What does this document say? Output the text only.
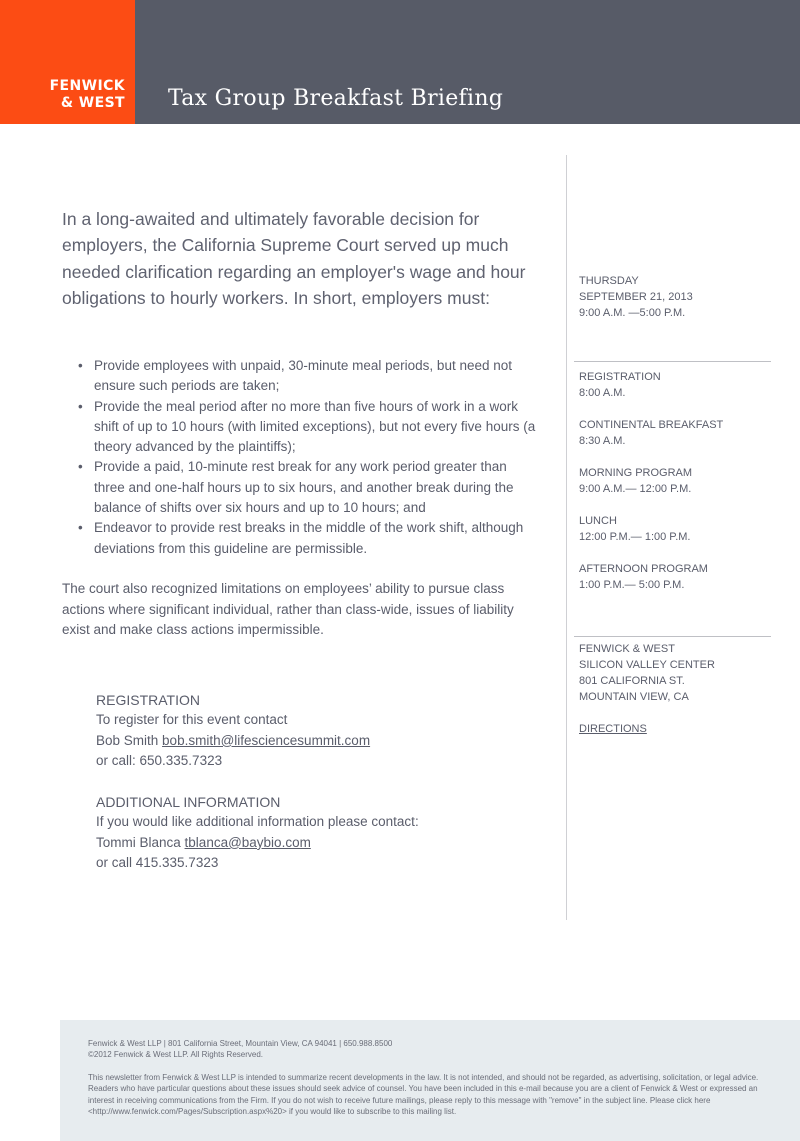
FENWICK
& WEST Tax Group Breakfast Briefing

In a long-awaited and ultimately favorable decision for employers, the California Supreme Court served up much needed clarification regarding an employer's wage and hour obligations to hourly workers. In short, employers must:

• Provide employees with unpaid, 30-minute meal periods, but need not ensure such periods are taken;
• Provide the meal period after no more than five hours of work in a work shift of up to 10 hours (with limited exceptions), but not every five hours (a theory advanced by the plaintiffs);
• Provide a paid, 10-minute rest break for any work period greater than three and one-half hours up to six hours, and another break during the balance of shifts over six hours and up to 10 hours; and
• Endeavor to provide rest breaks in the middle of the work shift, although deviations from this guideline are permissible.

The court also recognized limitations on employees’ ability to pursue class actions where significant individual, rather than class-wide, issues of liability exist and make class actions impermissible.

REGISTRATION
To register for this event contact
Bob Smith bob.smith@lifesciencesummit.com
or call: 650.335.7323
ADDITIONAL INFORMATION
If you would like additional information please contact:
Tommi Blanca tblanca@baybio.com
or call 415.335.7323
THURSDAY
SEPTEMBER 21, 2013
9:00 A.M. —5:00 P.M.
REGISTRATION
8:00 A.M.
CONTINENTAL BREAKFAST
8:30 A.M.
MORNING PROGRAM
9:00 A.M.— 12:00 P.M.
LUNCH
12:00 P.M.— 1:00 P.M.
AFTERNOON PROGRAM
1:00 P.M.— 5:00 P.M.
FENWICK & WEST
SILICON VALLEY CENTER
801 CALIFORNIA ST.
MOUNTAIN VIEW, CA
DIRECTIONS

Fenwick & West LLP | 801 California Street, Mountain View, CA 94041 | 650.988.8500

©2012 Fenwick & West LLP. All Rights Reserved.

This newsletter from Fenwick & West LLP is intended to summarize recent developments in the law. It is not intended, and should not be regarded, as advertising, solicitation, or legal advice. Readers who have particular questions about these issues should seek advice of counsel. You have been included in this e-mail because you are a client of Fenwick & West or expressed an interest in receiving communications from the Firm. If you do not wish to receive future mailings, please reply to this message with "remove" in the subject line. Please click here <http://www.fenwick.com/Pages/Subscription.aspx%20> if you would like to subscribe to this mailing list.
